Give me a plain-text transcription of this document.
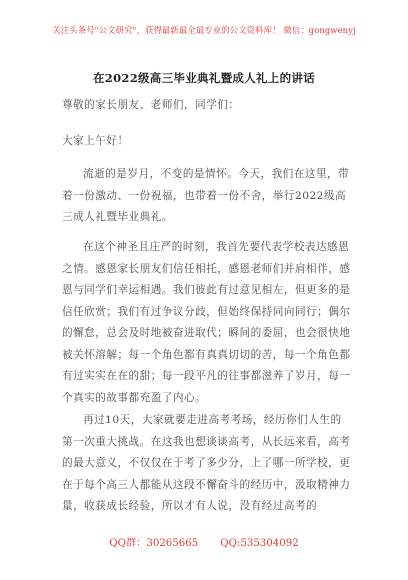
关注头条号"公文研究"，获得最新最全最专业的公文资料库！ 微信：gongwenyj
在2022级高三毕业典礼暨成人礼上的讲话

尊敬的家长朋友、老师们，同学们：

大家上午好！

流逝的是岁月，不变的是情怀。今天，我们在这里，带着一份激动、一份祝福，也带着一份不舍，举行2022级高三成人礼暨毕业典礼。

在这个神圣且庄严的时刻，我首先要代表学校表达感恩之情。感恩家长朋友们信任相托，感恩老师们并肩相伴，感恩与同学们幸运相遇。我们彼此有过意见相左，但更多的是信任欣赏；我们有过争议分歧，但始终保持同向同行；偶尔的懈怠，总会及时地被奋进取代；瞬间的委屈，也会很快地被关怀溶解；每一个角色都有真真切切的苦，每一个角色都有过实实在在的甜；每一段平凡的往事都滋养了岁月，每一个真实的故事都充盈了内心。

再过10天，大家就要走进高考考场，经历你们人生的第一次重大挑战。在这我也想谈谈高考，从长远来看，高考的最大意义，不仅仅在于考了多少分，上了哪一所学校，更在于每个高三人都能从这段不懈奋斗的经历中，汲取精神力量，收获成长经验，所以才有人说，没有经过高考的

QQ群：30265665 QQ:535304092
